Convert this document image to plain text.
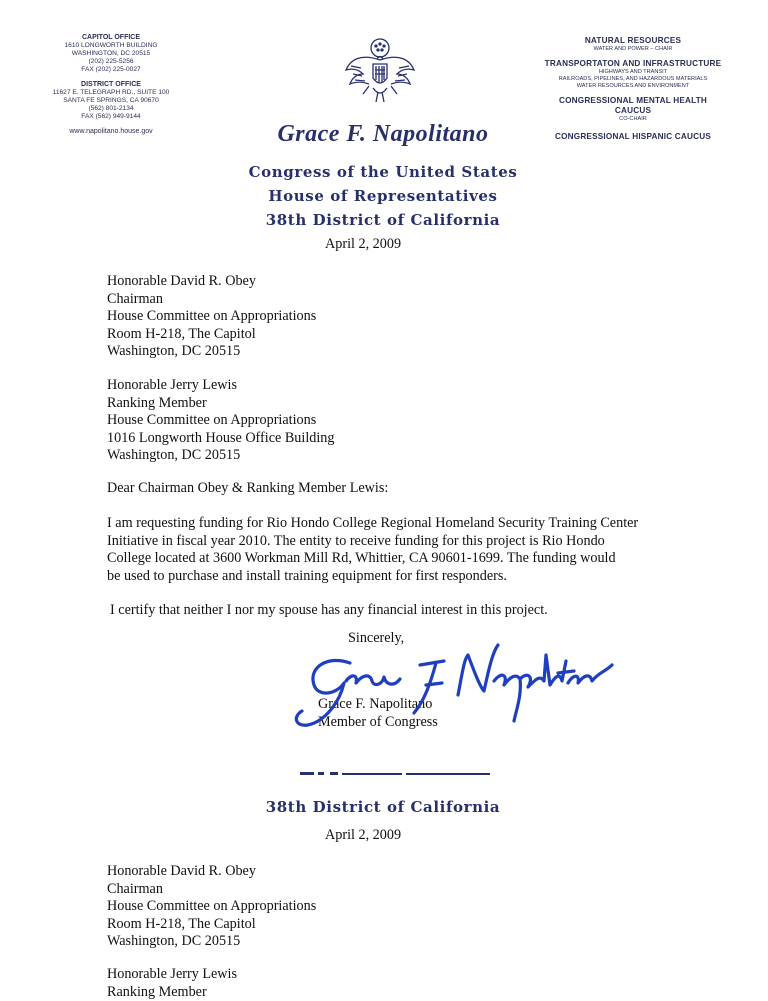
CAPITOL OFFICE
1610 LONGWORTH BUILDING
WASHINGTON, DC 20515
(202) 225-5256
FAX (202) 225-0027
DISTRICT OFFICE
11627 E. TELEGRAPH RD., SUITE 100
SANTA FE SPRINGS, CA 90670
(562) 801-2134
FAX (562) 949-9144
www.napolitano.house.gov
NATURAL RESOURCES
WATER AND POWER – CHAIR
TRANSPORTATON AND INFRASTRUCTURE
HIGHWAYS AND TRANSIT
RAILROADS, PIPELINES, AND HAZARDOUS MATERIALS
WATER RESOURCES AND ENVIRONMENT
CONGRESSIONAL MENTAL HEALTH
CAUCUS
CO-CHAIR
CONGRESSIONAL HISPANIC CAUCUS
Grace F. Napolitano
Congress of the United States
House of Representatives
38th District of California
April 2, 2009
Honorable David R. Obey
Chairman
House Committee on Appropriations
Room H-218, The Capitol
Washington, DC 20515
Honorable Jerry Lewis
Ranking Member
House Committee on Appropriations
1016 Longworth House Office Building
Washington, DC 20515
Dear Chairman Obey & Ranking Member Lewis:
I am requesting funding for Rio Hondo College Regional Homeland Security Training Center
Initiative in fiscal year 2010. The entity to receive funding for this project is Rio Hondo
College located at 3600 Workman Mill Rd, Whittier, CA 90601-1699. The funding would
be used to purchase and install training equipment for first responders.
I certify that neither I nor my spouse has any financial interest in this project.
Sincerely,
Grace F. Napolitano
Member of Congress
38th District of California
April 2, 2009
Honorable David R. Obey
Chairman
House Committee on Appropriations
Room H-218, The Capitol
Washington, DC 20515
Honorable Jerry Lewis
Ranking Member
